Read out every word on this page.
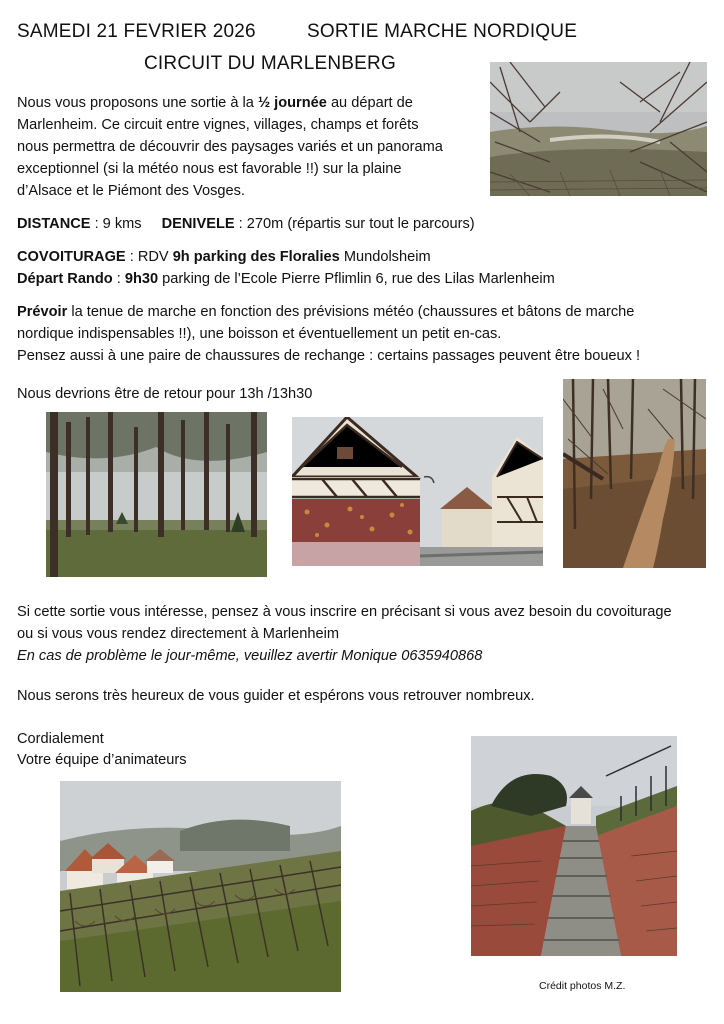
SAMEDI 21 FEVRIER 2026	SORTIE MARCHE NORDIQUE
CIRCUIT DU MARLENBERG
Nous vous proposons une sortie à la ½ journée au départ de
Marlenheim. Ce circuit entre vignes, villages, champs et forêts
nous permettra de découvrir des paysages variés et un panorama
exceptionnel (si la météo nous est favorable !!) sur la plaine
d’Alsace et le Piémont des Vosges.
DISTANCE : 9 kms DENIVELE : 270m (répartis sur tout le parcours)
COVOITURAGE : RDV 9h parking des Floralies Mundolsheim
Départ Rando : 9h30 parking de l’Ecole Pierre Pflimlin 6, rue des Lilas Marlenheim
Prévoir la tenue de marche en fonction des prévisions météo (chaussures et bâtons de marche
nordique indispensables !!), une boisson et éventuellement un petit en-cas.
Pensez aussi à une paire de chaussures de rechange : certains passages peuvent être boueux !
Nous devrions être de retour pour 13h /13h30
Si cette sortie vous intéresse, pensez à vous inscrire en précisant si vous avez besoin du covoiturage
ou si vous vous rendez directement à Marlenheim
En cas de problème le jour-même, veuillez avertir Monique 0635940868
Nous serons très heureux de vous guider et espérons vous retrouver nombreux.
Cordialement
Votre équipe d’animateurs
Crédit photos M.Z.
